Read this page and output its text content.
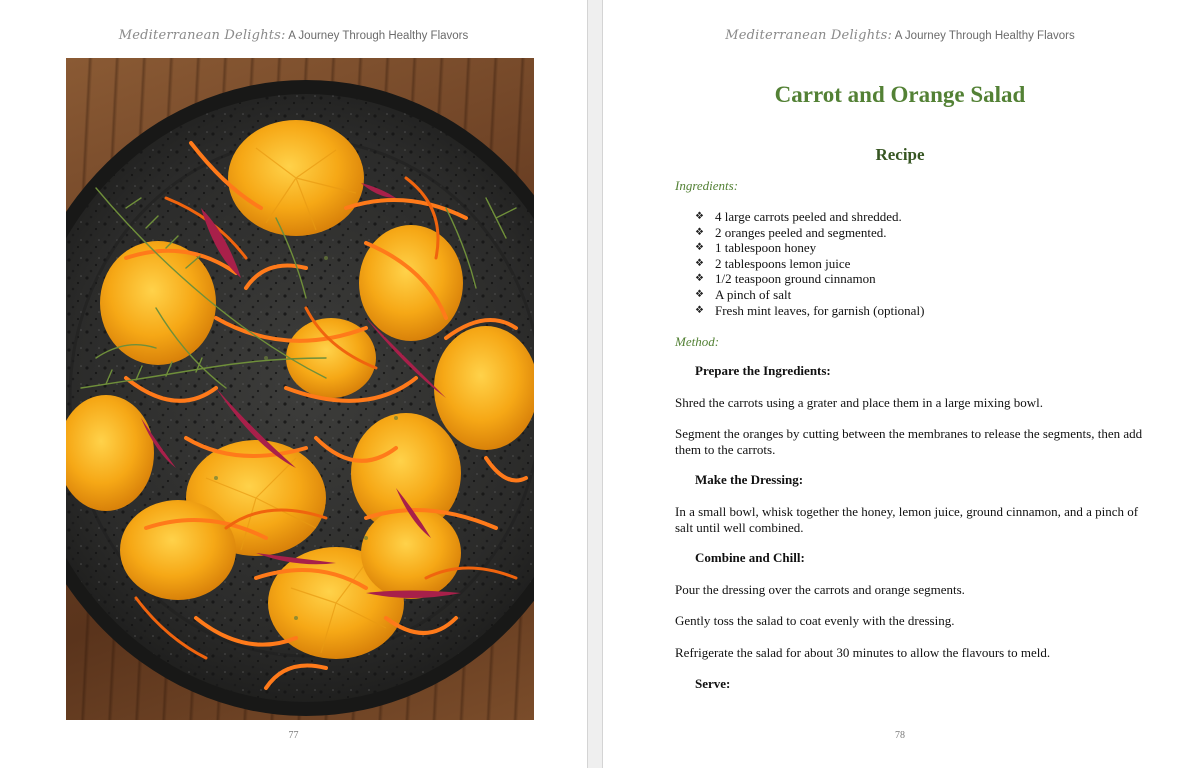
Mediterranean Delights: A Journey Through Healthy Flavors
77
Mediterranean Delights: A Journey Through Healthy Flavors
Carrot and Orange Salad
Recipe
Ingredients:
❖ 4 large carrots peeled and shredded.
❖ 2 oranges peeled and segmented.
❖ 1 tablespoon honey
❖ 2 tablespoons lemon juice
❖ 1/2 teaspoon ground cinnamon
❖ A pinch of salt
❖ Fresh mint leaves, for garnish (optional)
Method:
Prepare the Ingredients:

Shred the carrots using a grater and place them in a large mixing bowl.

Segment the oranges by cutting between the membranes to release the segments, then add them to the carrots.

Make the Dressing:

In a small bowl, whisk together the honey, lemon juice, ground cinnamon, and a pinch of salt until well combined.

Combine and Chill:

Pour the dressing over the carrots and orange segments.

Gently toss the salad to coat evenly with the dressing.

Refrigerate the salad for about 30 minutes to allow the flavours to meld.

Serve:
78
